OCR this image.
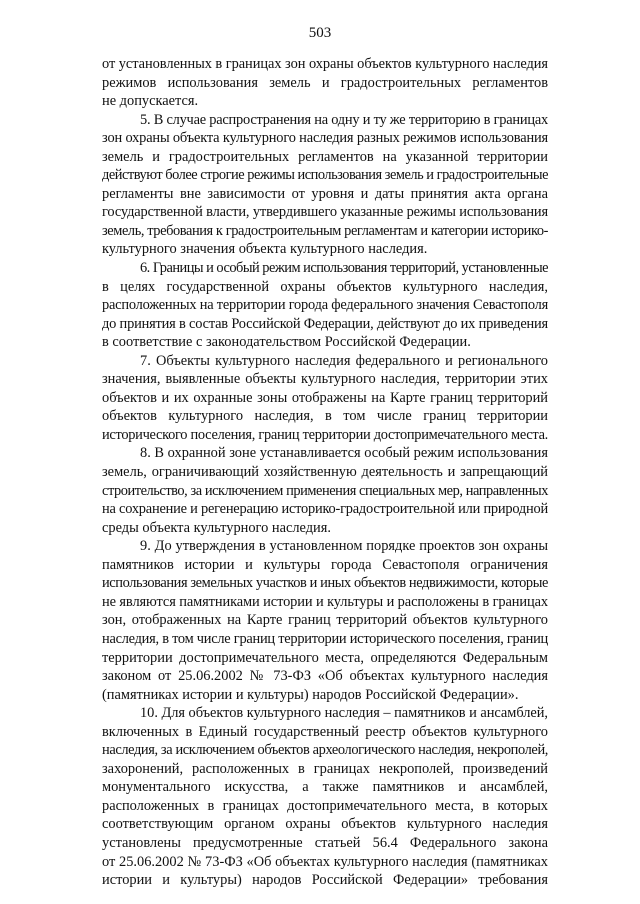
503

от установленных в границах зон охраны объектов культурного наследия
режимов использования земель и градостроительных регламентов
не допускается.

5. В случае распространения на одну и ту же территорию в границах
зон охраны объекта культурного наследия разных режимов использования
земель и градостроительных регламентов на указанной территории
действуют более строгие режимы использования земель и градостроительные
регламенты вне зависимости от уровня и даты принятия акта органа
государственной власти, утвердившего указанные режимы использования
земель, требования к градостроительным регламентам и категории историко-
культурного значения объекта культурного наследия.

6. Границы и особый режим использования территорий, установленные
в целях государственной охраны объектов культурного наследия,
расположенных на территории города федерального значения Севастополя
до принятия в состав Российской Федерации, действуют до их приведения
в соответствие с законодательством Российской Федерации.

7. Объекты культурного наследия федерального и регионального
значения, выявленные объекты культурного наследия, территории этих
объектов и их охранные зоны отображены на Карте границ территорий
объектов культурного наследия, в том числе границ территории
исторического поселения, границ территории достопримечательного места.

8. В охранной зоне устанавливается особый режим использования
земель, ограничивающий хозяйственную деятельность и запрещающий
строительство, за исключением применения специальных мер, направленных
на сохранение и регенерацию историко-градостроительной или природной
среды объекта культурного наследия.

9. До утверждения в установленном порядке проектов зон охраны
памятников истории и культуры города Севастополя ограничения
использования земельных участков и иных объектов недвижимости, которые
не являются памятниками истории и культуры и расположены в границах
зон, отображенных на Карте границ территорий объектов культурного
наследия, в том числе границ территории исторического поселения, границ
территории достопримечательного места, определяются Федеральным
законом от 25.06.2002 № 73-ФЗ «Об объектах культурного наследия
(памятниках истории и культуры) народов Российской Федерации».

10. Для объектов культурного наследия – памятников и ансамблей,
включенных в Единый государственный реестр объектов культурного
наследия, за исключением объектов археологического наследия, некрополей,
захоронений, расположенных в границах некрополей, произведений
монументального искусства, а также памятников и ансамблей,
расположенных в границах достопримечательного места, в которых
соответствующим органом охраны объектов культурного наследия
установлены предусмотренные статьей 56.4 Федерального закона
от 25.06.2002 № 73-ФЗ «Об объектах культурного наследия (памятниках
истории и культуры) народов Российской Федерации» требования
